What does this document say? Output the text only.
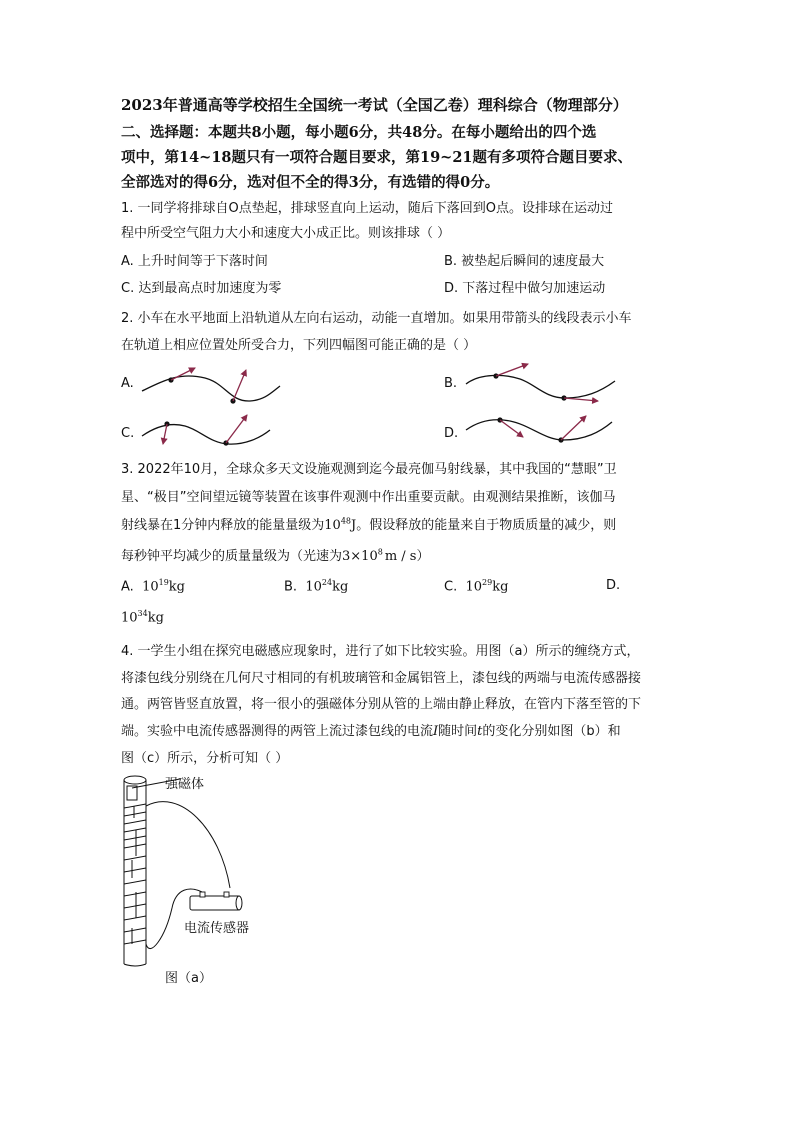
2023年普通高等学校招生全国统一考试（全国乙卷）理科综合（物理部分）
二、选择题：本题共8小题，每小题6分，共48分。在每小题给出的四个选
项中，第14~18题只有一项符合题目要求，第19~21题有多项符合题目要求、
全部选对的得6分，选对但不全的得3分，有选错的得0分。
1. 一同学将排球自O点垫起，排球竖直向上运动，随后下落回到O点。设排球在运动过
程中所受空气阻力大小和速度大小成正比。则该排球（ ）
A. 上升时间等于下落时间	B. 被垫起后瞬间的速度最大
C. 达到最高点时加速度为零	D. 下落过程中做匀加速运动
2. 小车在水平地面上沿轨道从左向右运动，动能一直增加。如果用带箭头的线段表示小车
在轨道上相应位置处所受合力，下列四幅图可能正确的是（ ）
A.	B.
C.	D.
3. 2022年10月，全球众多天文设施观测到迄今最亮伽马射线暴，其中我国的“慧眼”卫
星、“极目”空间望远镜等装置在该事件观测中作出重要贡献。由观测结果推断，该伽马
射线暴在1分钟内释放的能量量级为$10^{48}J$。假设释放的能量来自于物质质量的减少，则
每秒钟平均减少的质量量级为（光速为$3\times 10^8$ m / s）
A. $10^{19}kg$	B. $10^{24}kg$	C. $10^{29}kg$	D.
$10^{34}kg$
4. 一学生小组在探究电磁感应现象时，进行了如下比较实验。用图（a）所示的缠绕方式，
将漆包线分别绕在几何尺寸相同的有机玻璃管和金属铝管上，漆包线的两端与电流传感器接
通。两管皆竖直放置，将一很小的强磁体分别从管的上端由静止释放，在管内下落至管的下
端。实验中电流传感器测得的两管上流过漆包线的电流I随时间t的变化分别如图（b）和
图（c）所示，分析可知（ ）
强磁体
电流传感器
图（a）
